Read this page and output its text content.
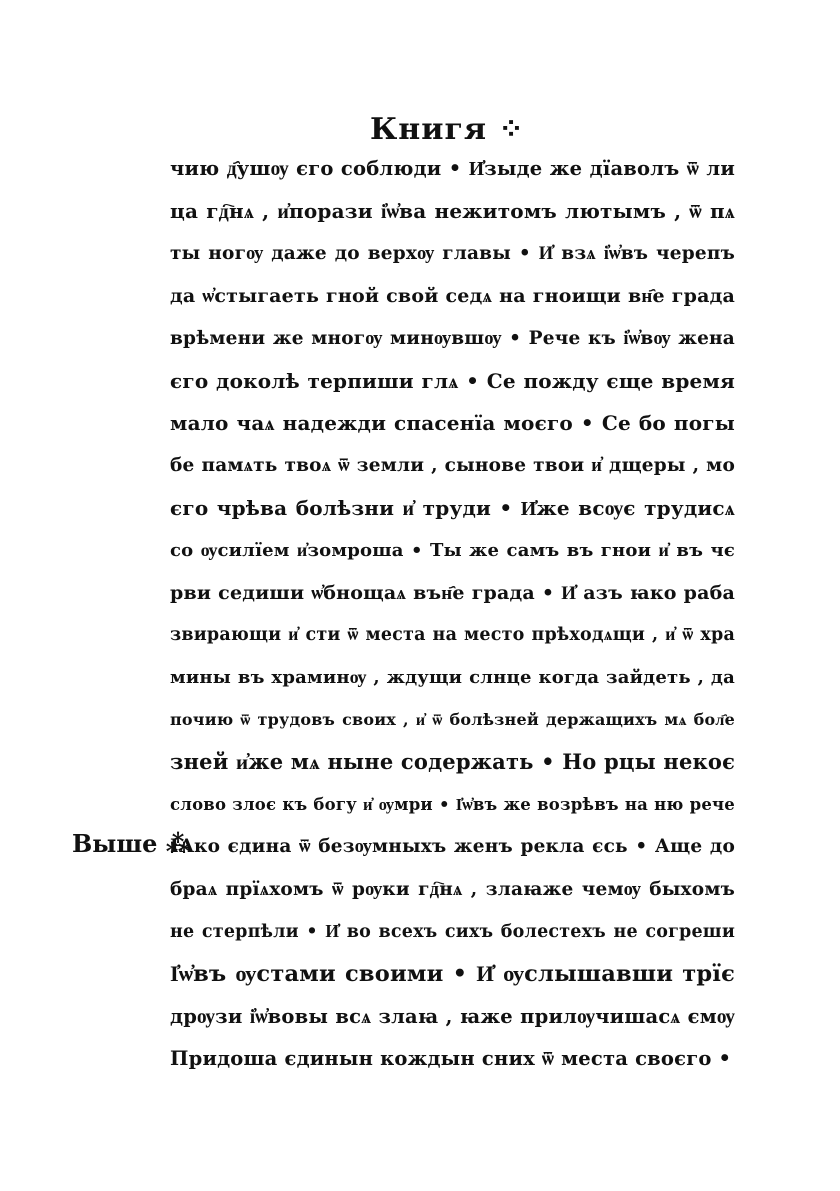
Книгя ⁘
Выше ⁂
чию д҄ушѹ єго соблюди • И҆зыде же дїаволъ ѿ ли
ца гд҇нѧ , и҆порази і҆ѡ҆ва нежитомъ лютымъ , ѿ пѧ
ты ногѹ даже до верхѹ главы • И҆ взѧ і҆ѡ҆въ черепъ
да ѡ҆стыгаеть гной свой седѧ на гноищи вн҄е града
врѣмени же многѹ минѹвшѹ • Рече къ і҆ѡ҆вѹ жена
єго доколѣ терпиши глѧ • Се пожду єще время
мало чаѧ надежди спасенїа моєго • Се бо погы
бе памѧть твоѧ ѿ земли , сынове твои и҆ дщеры , мо
єго чрѣва болѣзни и҆ труди • И҆же всѹє трудисѧ
со ѹсилїем и҆зомроша • Ты же самъ въ гнои и҆ въ чє
рви седиши ѡ҆бнощаѧ вън҄е града • И҆ азъ ꙗко раба
звирающи и҆ сти ѿ места на место прѣходѧщи , и҆ ѿ хра
мины въ храминѹ , ждущи слнце когда зайдеть , да
почию ѿ трудовъ своих , и҆ ѿ болѣзней держащихъ мѧ бол҄е
зней и҆же мѧ ныне содержать • Но рцы некоє
слово злоє къ богу и҆ ѹмри • І҆ѡ҆въ же возрѣвъ на ню рече
Ꙗко єдина ѿ безѹмныхъ женъ рекла єсь • Аще до
браѧ прїѧхомъ ѿ рѹки гд҇нѧ , злаꙗже чемѹ быхомъ
не стерпѣли • И҆ во всехъ сихъ болестехъ не согреши
І҆ѡ҆въ ѹстами своими • И҆ ѹслышавши трїє
дрѹзи і҆ѡ҆вовы всѧ злаꙗ , ꙗже прилѹчишасѧ ємѹ
Придоша єдинын кождын сних ѿ места своєго •
